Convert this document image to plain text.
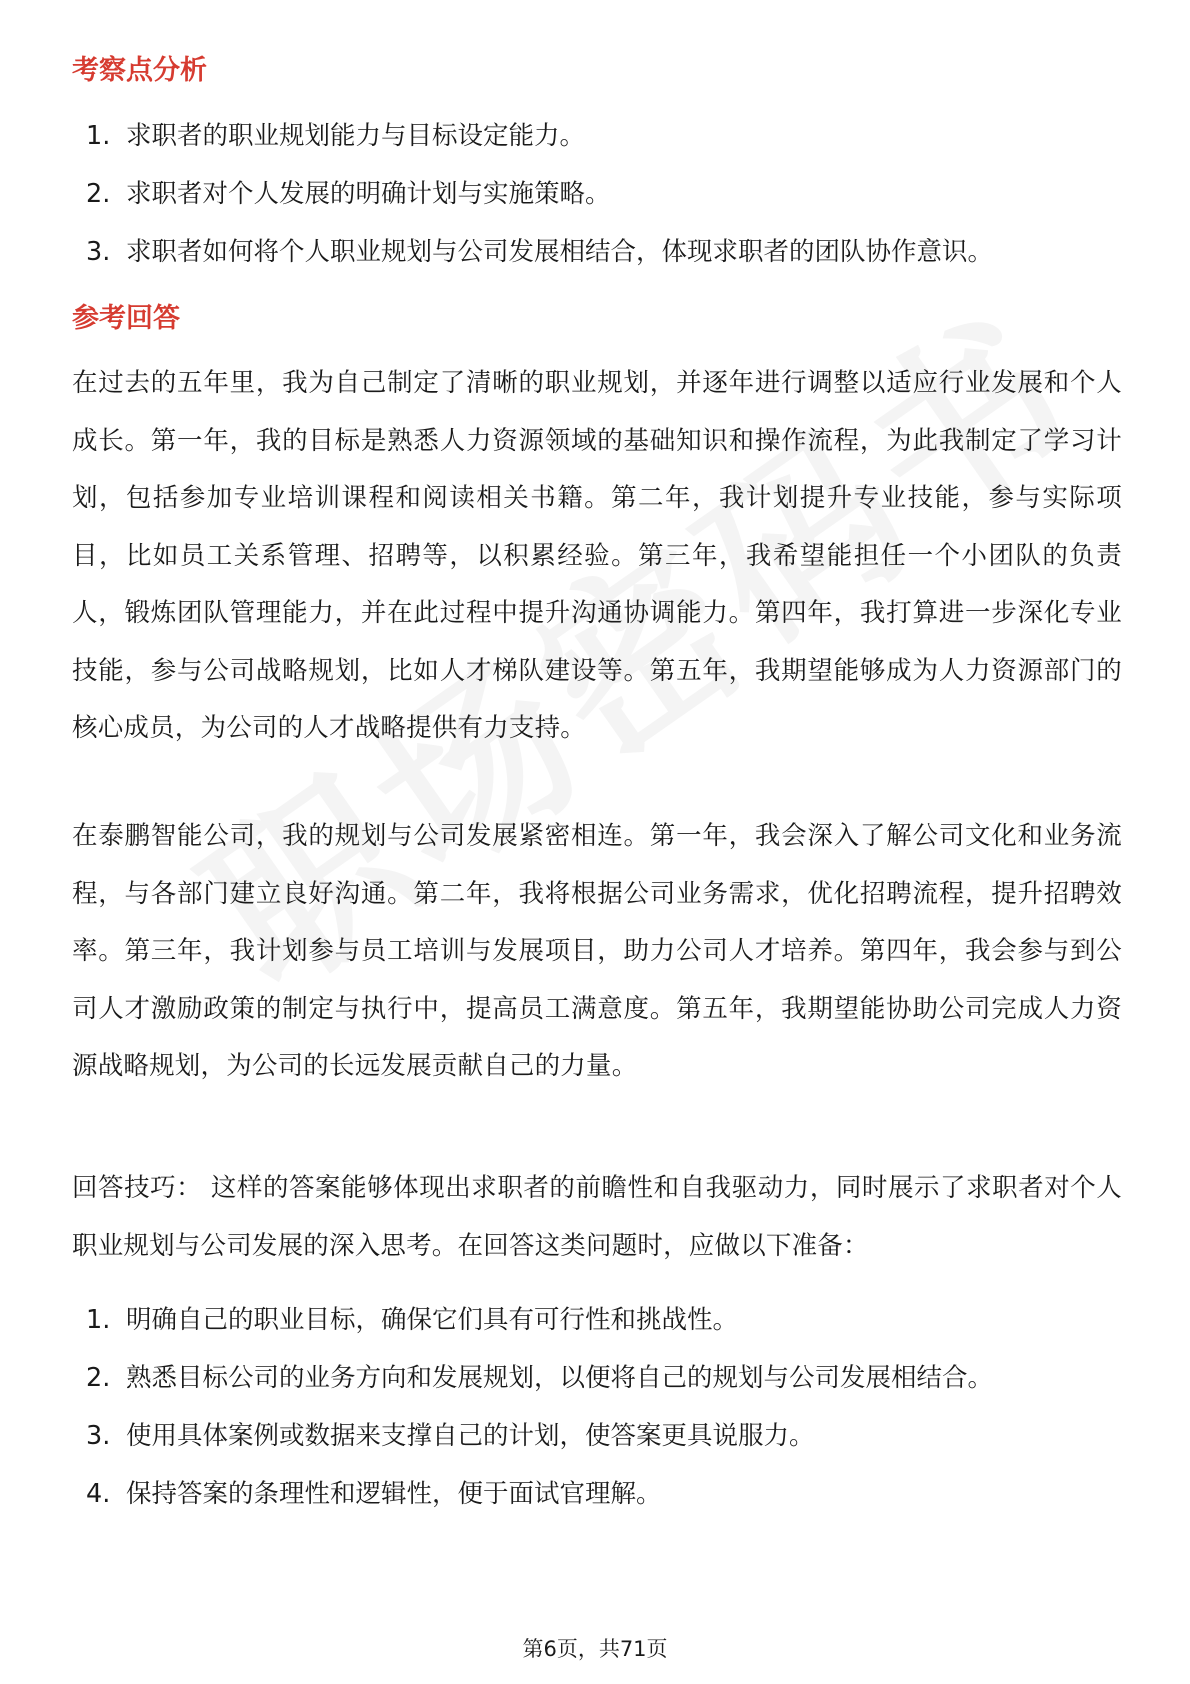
考察点分析
1. 求职者的职业规划能力与目标设定能力。
2. 求职者对个人发展的明确计划与实施策略。
3. 求职者如何将个人职业规划与公司发展相结合，体现求职者的团队协作意识。
参考回答

在过去的五年里，我为自己制定了清晰的职业规划，并逐年进行调整以适应行业发展和个人成长。第一年，我的目标是熟悉人力资源领域的基础知识和操作流程，为此我制定了学习计划，包括参加专业培训课程和阅读相关书籍。第二年，我计划提升专业技能，参与实际项目，比如员工关系管理、招聘等，以积累经验。第三年，我希望能担任一个小团队的负责人，锻炼团队管理能力，并在此过程中提升沟通协调能力。第四年，我打算进一步深化专业技能，参与公司战略规划，比如人才梯队建设等。第五年，我期望能够成为人力资源部门的核心成员，为公司的人才战略提供有力支持。

在泰鹏智能公司，我的规划与公司发展紧密相连。第一年，我会深入了解公司文化和业务流程，与各部门建立良好沟通。第二年，我将根据公司业务需求，优化招聘流程，提升招聘效率。第三年，我计划参与员工培训与发展项目，助力公司人才培养。第四年，我会参与到公司人才激励政策的制定与执行中，提高员工满意度。第五年，我期望能协助公司完成人力资源战略规划，为公司的长远发展贡献自己的力量。

回答技巧： 这样的答案能够体现出求职者的前瞻性和自我驱动力，同时展示了求职者对个人职业规划与公司发展的深入思考。在回答这类问题时，应做以下准备：

1. 明确自己的职业目标，确保它们具有可行性和挑战性。
2. 熟悉目标公司的业务方向和发展规划，以便将自己的规划与公司发展相结合。
3. 使用具体案例或数据来支撑自己的计划，使答案更具说服力。
4. 保持答案的条理性和逻辑性，便于面试官理解。
第6页，共71页
